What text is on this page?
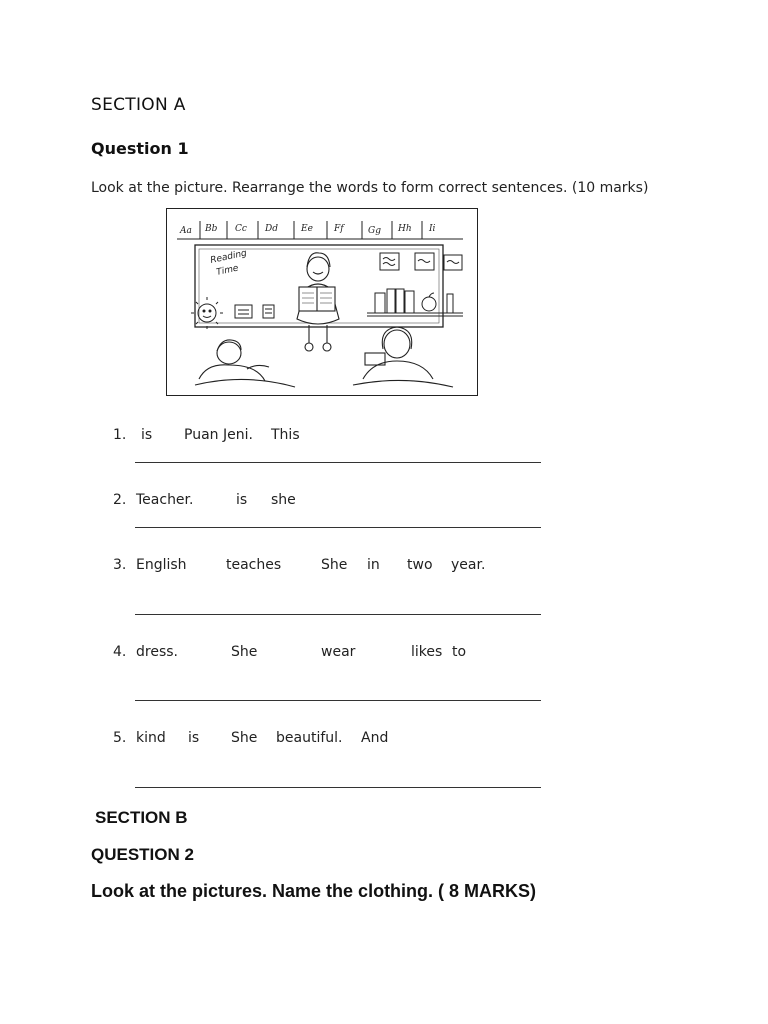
SECTION A
Question 1
Look at the picture. Rearrange the words to form correct sentences. (10 marks)
Aa Bb Cc Dd	Ee Ff	Gg Hh Ii
Reading
Time
1. is Puan Jeni. This
2. Teacher.	is she
3. English	teaches	She in two year.
4. dress.	She	wear	likes to
5. kind is She beautiful. And
SECTION B
QUESTION 2
Look at the pictures. Name the clothing. ( 8 MARKS)
